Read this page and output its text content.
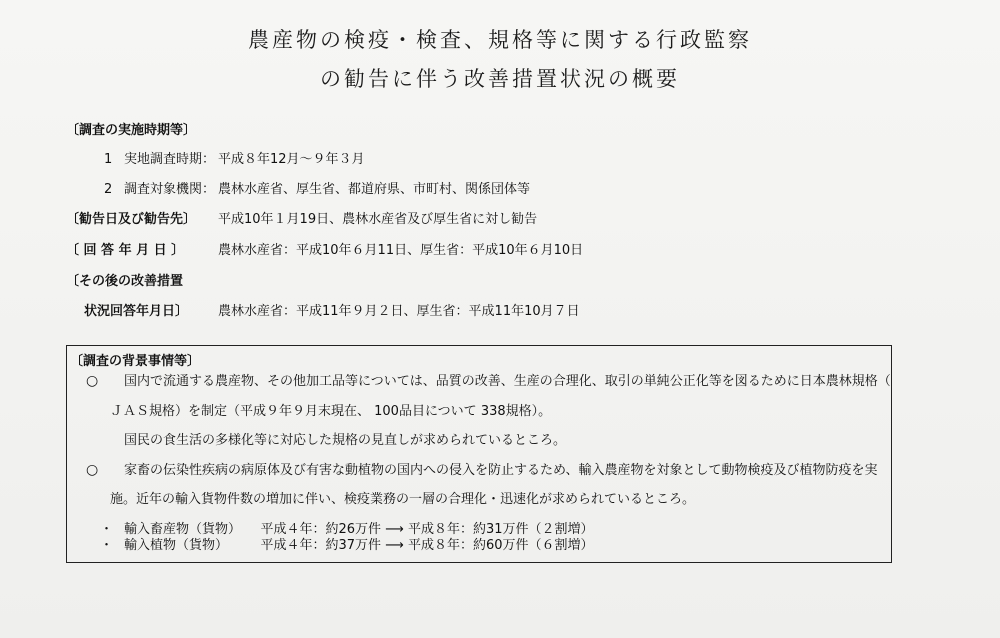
農産物の検疫・検査、規格等に関する行政監察
の勧告に伴う改善措置状況の概要
〔調査の実施時期等〕
1 実地調査時期： 平成８年12月～９年３月
2 調査対象機関： 農林水産省、厚生省、都道府県、市町村、関係団体等
〔勧告日及び勧告先〕 平成10年１月19日、農林水産省及び厚生省に対し勧告
〔 回 答 年 月 日 〕	農林水産省：平成10年６月11日、厚生省：平成10年６月10日
〔その後の改善措置
状況回答年月日〕 農林水産省：平成11年９月２日、厚生省：平成11年10月７日
〔調査の背景事情等〕
○ 国内で流通する農産物、その他加工品等については、品質の改善、生産の合理化、取引の単純公正化等を図るために日本農林規格（
ＪＡＳ規格）を制定（平成９年９月末現在、 100品目について 338規格）。
国民の食生活の多様化等に対応した規格の見直しが求められているところ。
○ 家畜の伝染性疾病の病原体及び有害な動植物の国内への侵入を防止するため、輸入農産物を対象として動物検疫及び植物防疫を実
施。近年の輸入貨物件数の増加に伴い、検疫業務の一層の合理化・迅速化が求められているところ。
・ 輸入畜産物（貨物）　　平成４年：約26万件 ⟶ 平成８年：約31万件（２割増）
・ 輸入植物（貨物）　　　平成４年：約37万件 ⟶ 平成８年：約60万件（６割増）
